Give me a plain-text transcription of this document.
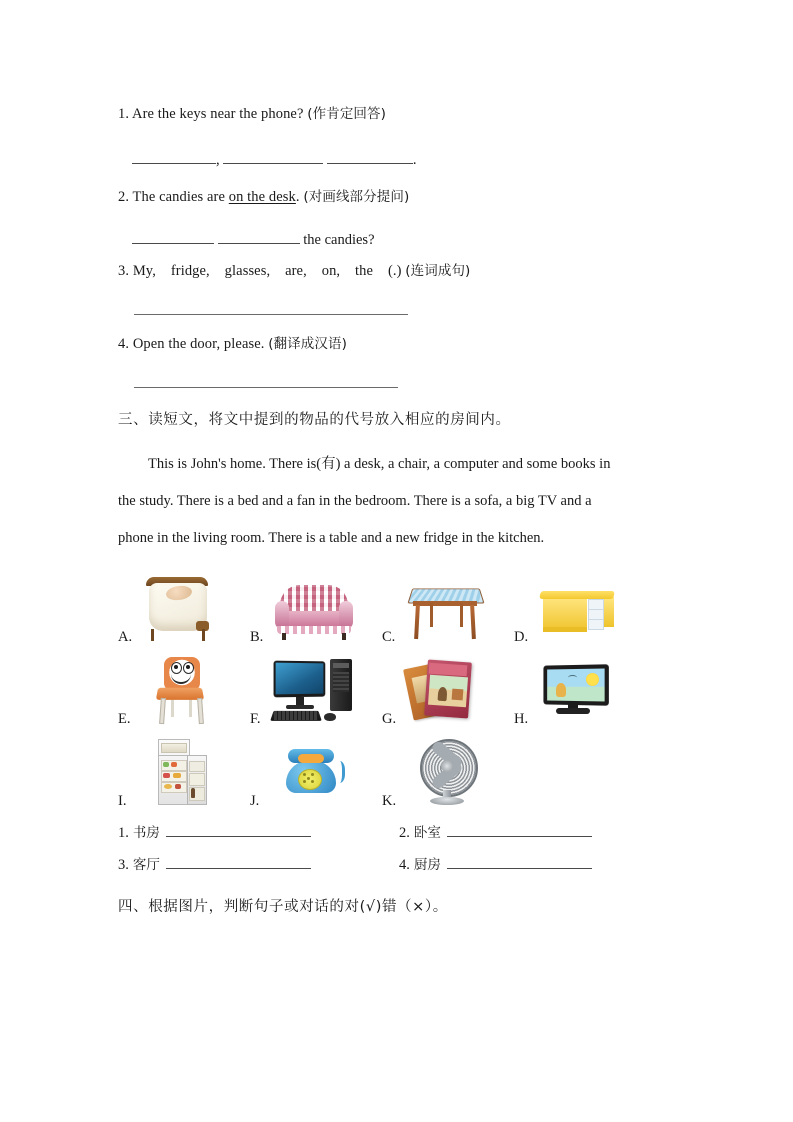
1. Are the keys near the phone? (作肯定回答)
,	.
2. The candies are on the desk. (对画线部分提问)
the candies?
3. My,    fridge,    glasses,    are,    on,    the    (.) (连词成句)
4. Open the door, please. (翻译成汉语)
三、读短文，将文中提到的物品的代号放入相应的房间内。
This is John's home. There is(有) a desk, a chair, a computer and some books in
the study. There is a bed and a fan in the bedroom. There is a sofa, a big TV and a
phone in the living room. There is a table and a new fridge in the kitchen.
A.	B.	C.	D.
E.	F.	G.	H.
I.	J.	K.
1. 书房	2. 卧室
3. 客厅	4. 厨房
四、根据图片，判断句子或对话的对(√)错（×）。
